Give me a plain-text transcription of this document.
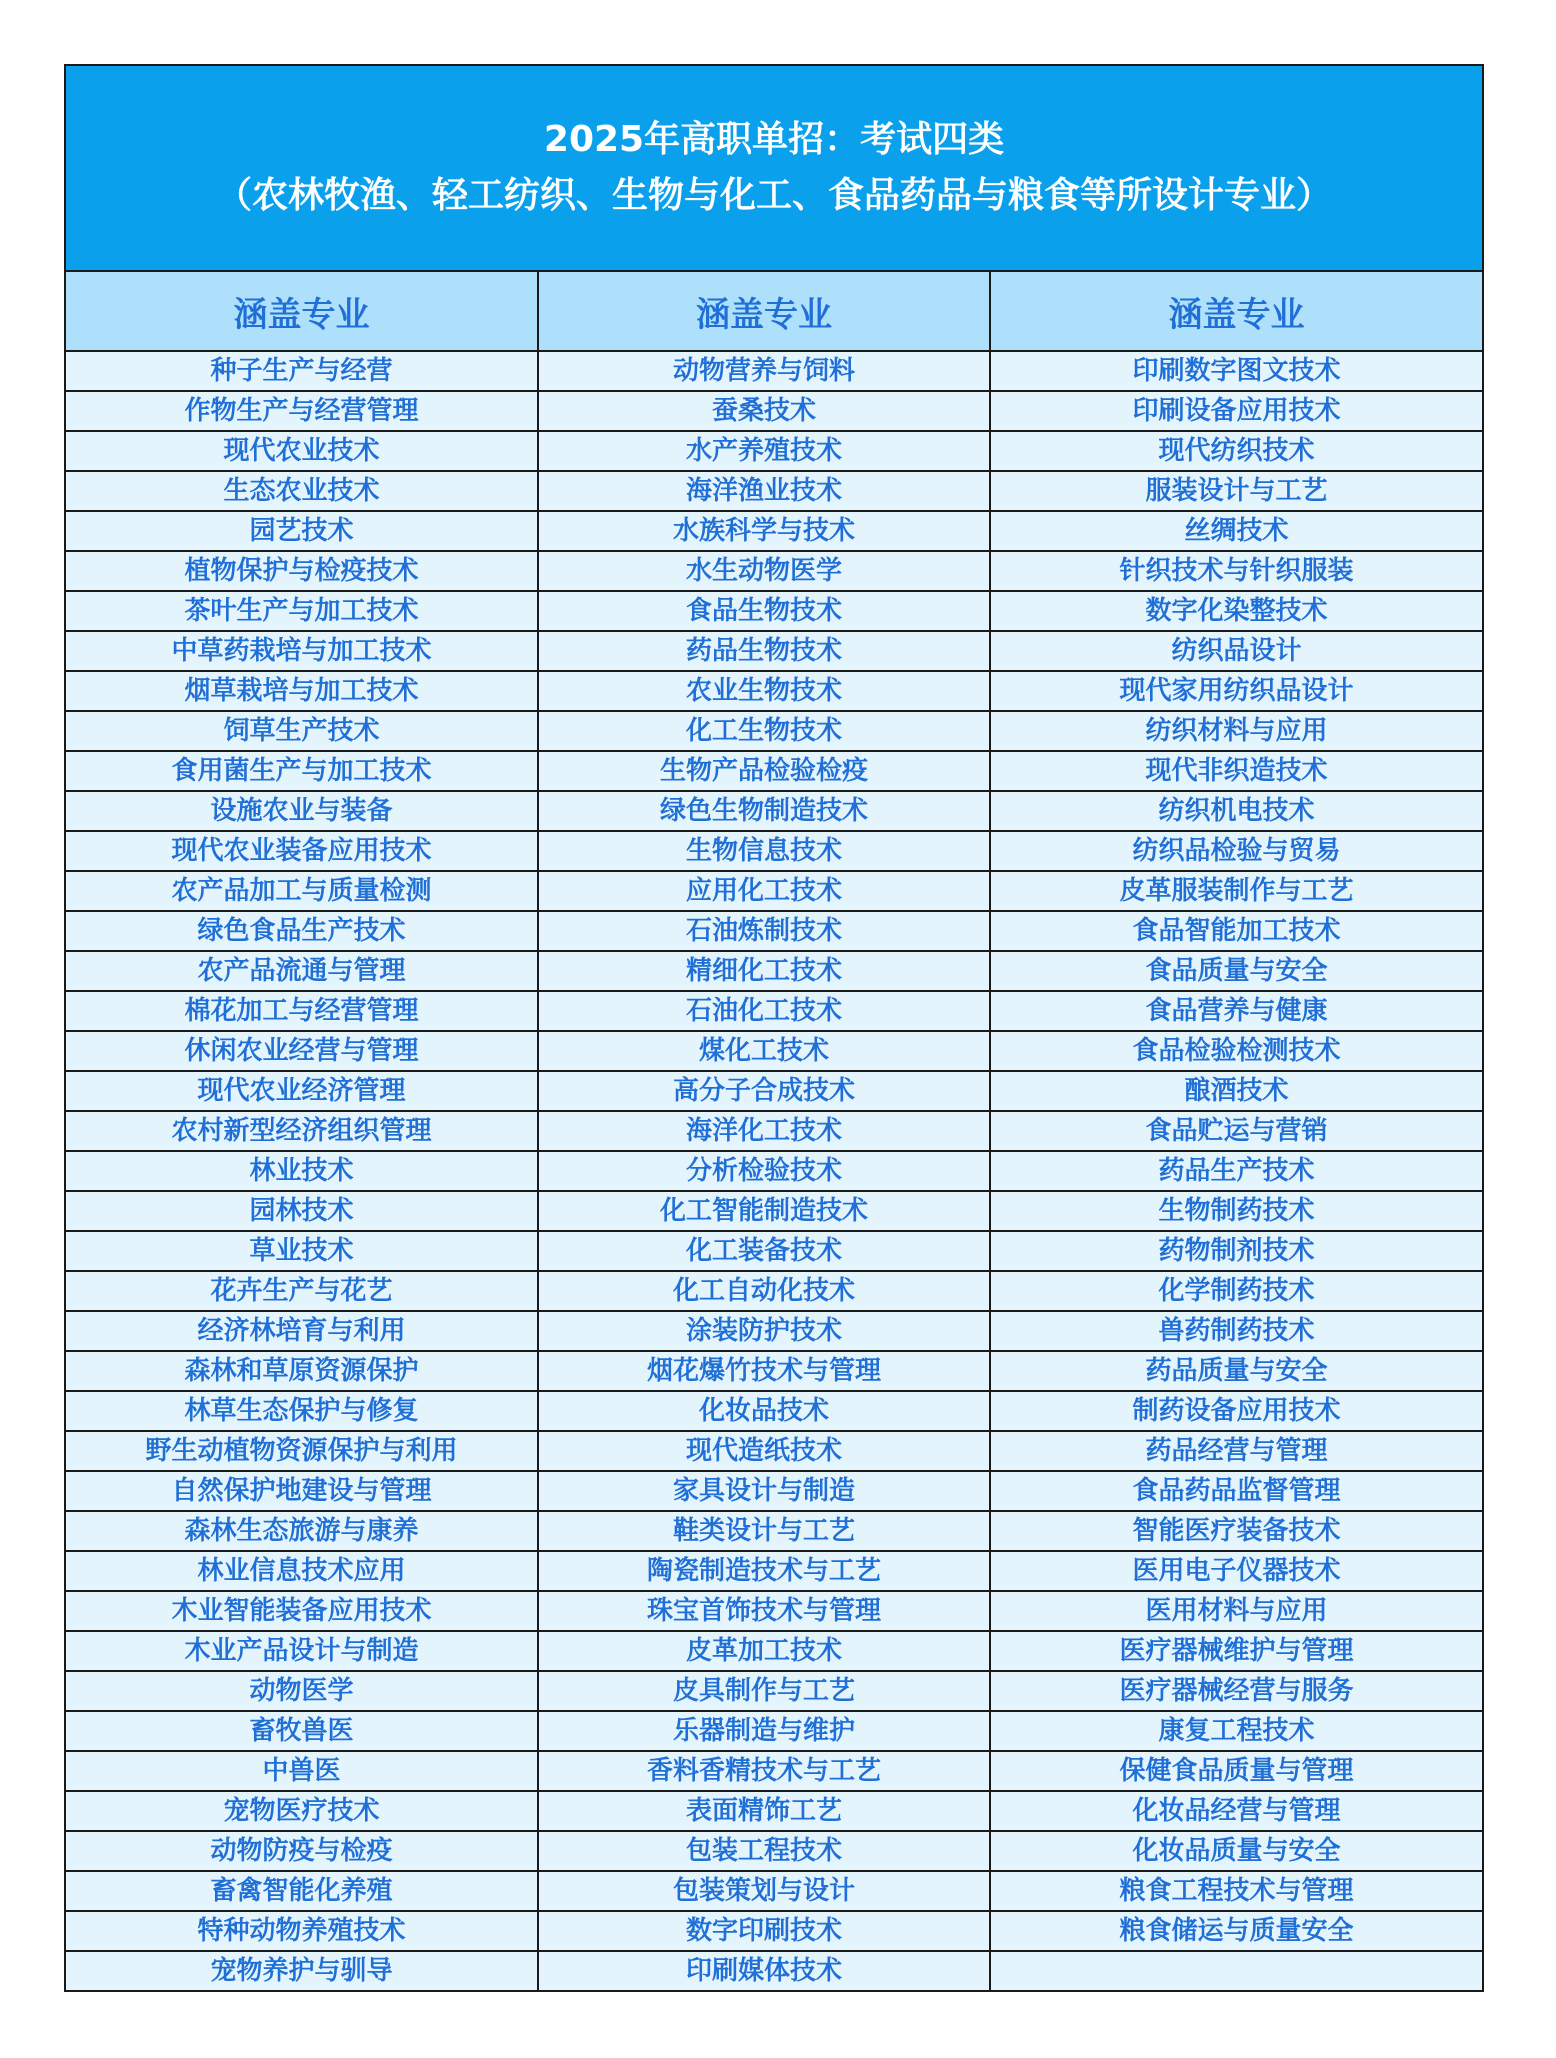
2025年高职单招：考试四类
（农林牧渔、轻工纺织、生物与化工、食品药品与粮食等所设计专业）
涵盖专业	涵盖专业	涵盖专业
种子生产与经营	动物营养与饲料	印刷数字图文技术
作物生产与经营管理	蚕桑技术	印刷设备应用技术
现代农业技术	水产养殖技术	现代纺织技术
生态农业技术	海洋渔业技术	服装设计与工艺
园艺技术	水族科学与技术	丝绸技术
植物保护与检疫技术	水生动物医学	针织技术与针织服装
茶叶生产与加工技术	食品生物技术	数字化染整技术
中草药栽培与加工技术	药品生物技术	纺织品设计
烟草栽培与加工技术	农业生物技术	现代家用纺织品设计
饲草生产技术	化工生物技术	纺织材料与应用
食用菌生产与加工技术	生物产品检验检疫	现代非织造技术
设施农业与装备	绿色生物制造技术	纺织机电技术
现代农业装备应用技术	生物信息技术	纺织品检验与贸易
农产品加工与质量检测	应用化工技术	皮革服装制作与工艺
绿色食品生产技术	石油炼制技术	食品智能加工技术
农产品流通与管理	精细化工技术	食品质量与安全
棉花加工与经营管理	石油化工技术	食品营养与健康
休闲农业经营与管理	煤化工技术	食品检验检测技术
现代农业经济管理	高分子合成技术	酿酒技术
农村新型经济组织管理	海洋化工技术	食品贮运与营销
林业技术	分析检验技术	药品生产技术
园林技术	化工智能制造技术	生物制药技术
草业技术	化工装备技术	药物制剂技术
花卉生产与花艺	化工自动化技术	化学制药技术
经济林培育与利用	涂装防护技术	兽药制药技术
森林和草原资源保护	烟花爆竹技术与管理	药品质量与安全
林草生态保护与修复	化妆品技术	制药设备应用技术
野生动植物资源保护与利用	现代造纸技术	药品经营与管理
自然保护地建设与管理	家具设计与制造	食品药品监督管理
森林生态旅游与康养	鞋类设计与工艺	智能医疗装备技术
林业信息技术应用	陶瓷制造技术与工艺	医用电子仪器技术
木业智能装备应用技术	珠宝首饰技术与管理	医用材料与应用
木业产品设计与制造	皮革加工技术	医疗器械维护与管理
动物医学	皮具制作与工艺	医疗器械经营与服务
畜牧兽医	乐器制造与维护	康复工程技术
中兽医	香料香精技术与工艺	保健食品质量与管理
宠物医疗技术	表面精饰工艺	化妆品经营与管理
动物防疫与检疫	包装工程技术	化妆品质量与安全
畜禽智能化养殖	包装策划与设计	粮食工程技术与管理
特种动物养殖技术	数字印刷技术	粮食储运与质量安全
宠物养护与驯导	印刷媒体技术	
